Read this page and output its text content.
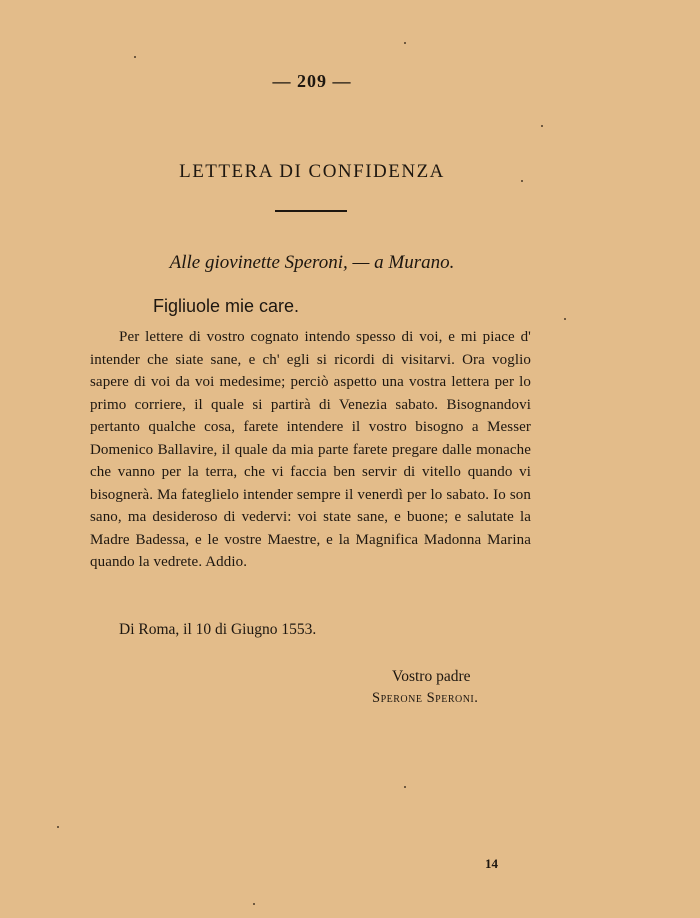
— 209 —
LETTERA DI CONFIDENZA
Alle giovinette Speroni, — a Murano.
Figliuole mie care.

Per lettere di vostro cognato intendo spesso di voi, e mi piace d' intender che siate sane, e ch' egli si ricordi di visitarvi. Ora voglio sapere di voi da voi medesime; perciò aspetto una vostra lettera per lo primo corriere, il quale si partirà di Venezia sabato. Bisognandovi pertanto qualche cosa, farete intendere il vostro bisogno a Messer Domenico Ballavire, il quale da mia parte farete pregare dalle monache che vanno per la terra, che vi faccia ben servir di vitello quando vi bisognerà. Ma fateglielo intender sempre il venerdì per lo sabato. Io son sano, ma desideroso di vedervi: voi state sane, e buone; e salutate la Madre Badessa, e le vostre Maestre, e la Magnifica Madonna Marina quando la vedrete. Addio.

Di Roma, il 10 di Giugno 1553.
Vostro padre
Sperone Speroni.
14
